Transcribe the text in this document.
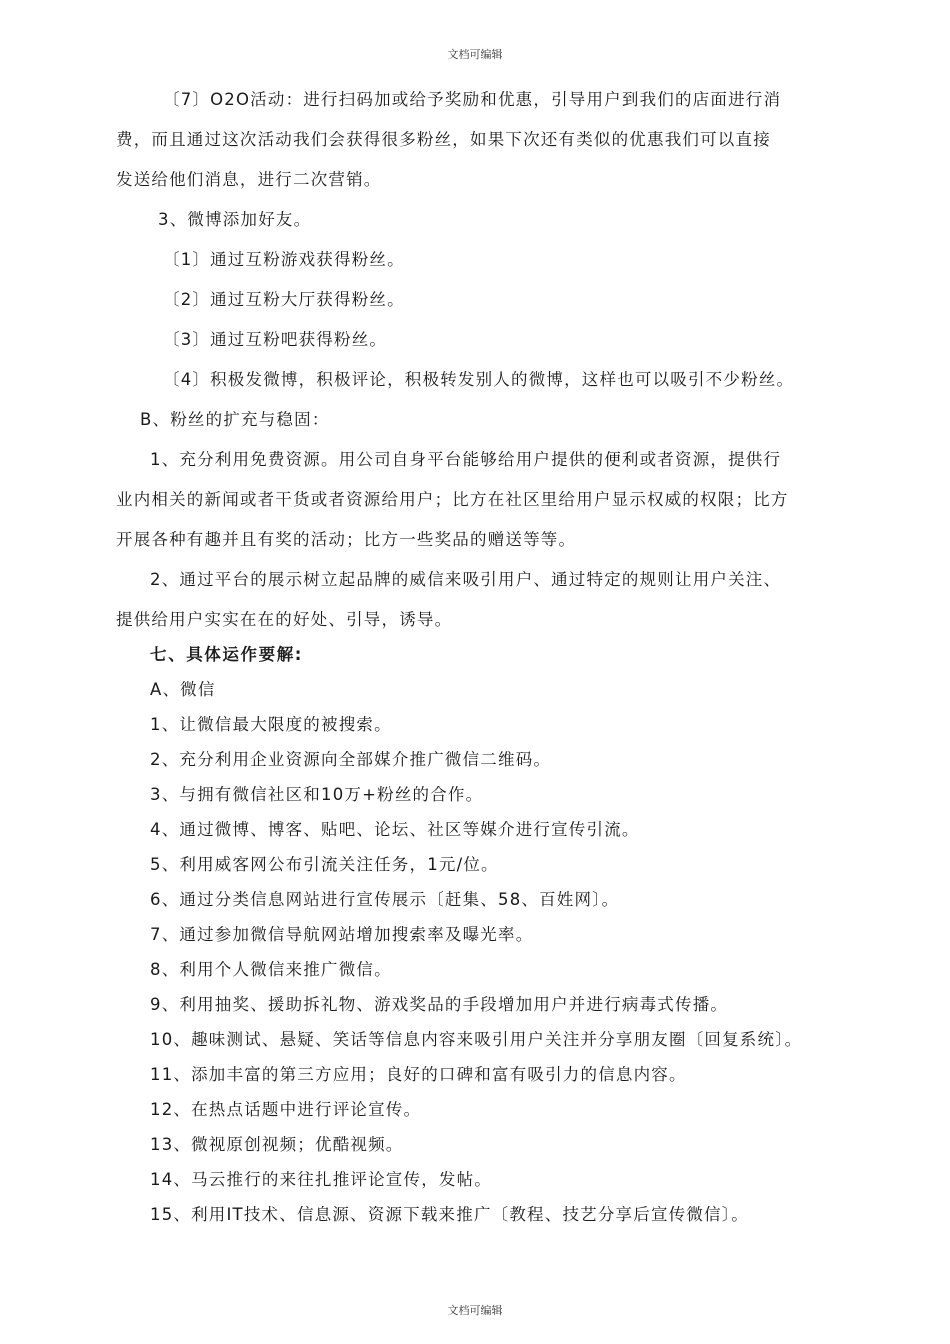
文档可编辑
〔7〕O2O活动：进行扫码加或给予奖励和优惠，引导用户到我们的店面进行消
费，而且通过这次活动我们会获得很多粉丝，如果下次还有类似的优惠我们可以直接
发送给他们消息，进行二次营销。
3、微博添加好友。
〔1〕通过互粉游戏获得粉丝。
〔2〕通过互粉大厅获得粉丝。
〔3〕通过互粉吧获得粉丝。
〔4〕积极发微博，积极评论，积极转发别人的微博，这样也可以吸引不少粉丝。
B、粉丝的扩充与稳固：
1、充分利用免费资源。用公司自身平台能够给用户提供的便利或者资源，提供行
业内相关的新闻或者干货或者资源给用户；比方在社区里给用户显示权威的权限；比方
开展各种有趣并且有奖的活动；比方一些奖品的赠送等等。
2、通过平台的展示树立起品牌的威信来吸引用户、通过特定的规则让用户关注、
提供给用户实实在在的好处、引导，诱导。
七、具体运作要解:
A、微信
1、让微信最大限度的被搜索。
2、充分利用企业资源向全部媒介推广微信二维码。
3、与拥有微信社区和10万+粉丝的合作。
4、通过微博、博客、贴吧、论坛、社区等媒介进行宣传引流。
5、利用威客网公布引流关注任务，1元/位。
6、通过分类信息网站进行宣传展示〔赶集、58、百姓网〕。
7、通过参加微信导航网站增加搜索率及曝光率。
8、利用个人微信来推广微信。
9、利用抽奖、援助拆礼物、游戏奖品的手段增加用户并进行病毒式传播。
10、趣味测试、悬疑、笑话等信息内容来吸引用户关注并分享朋友圈〔回复系统〕。
11、添加丰富的第三方应用；良好的口碑和富有吸引力的信息内容。
12、在热点话题中进行评论宣传。
13、微视原创视频；优酷视频。
14、马云推行的来往扎推评论宣传，发帖。
15、利用IT技术、信息源、资源下载来推广〔教程、技艺分享后宣传微信〕。
文档可编辑
